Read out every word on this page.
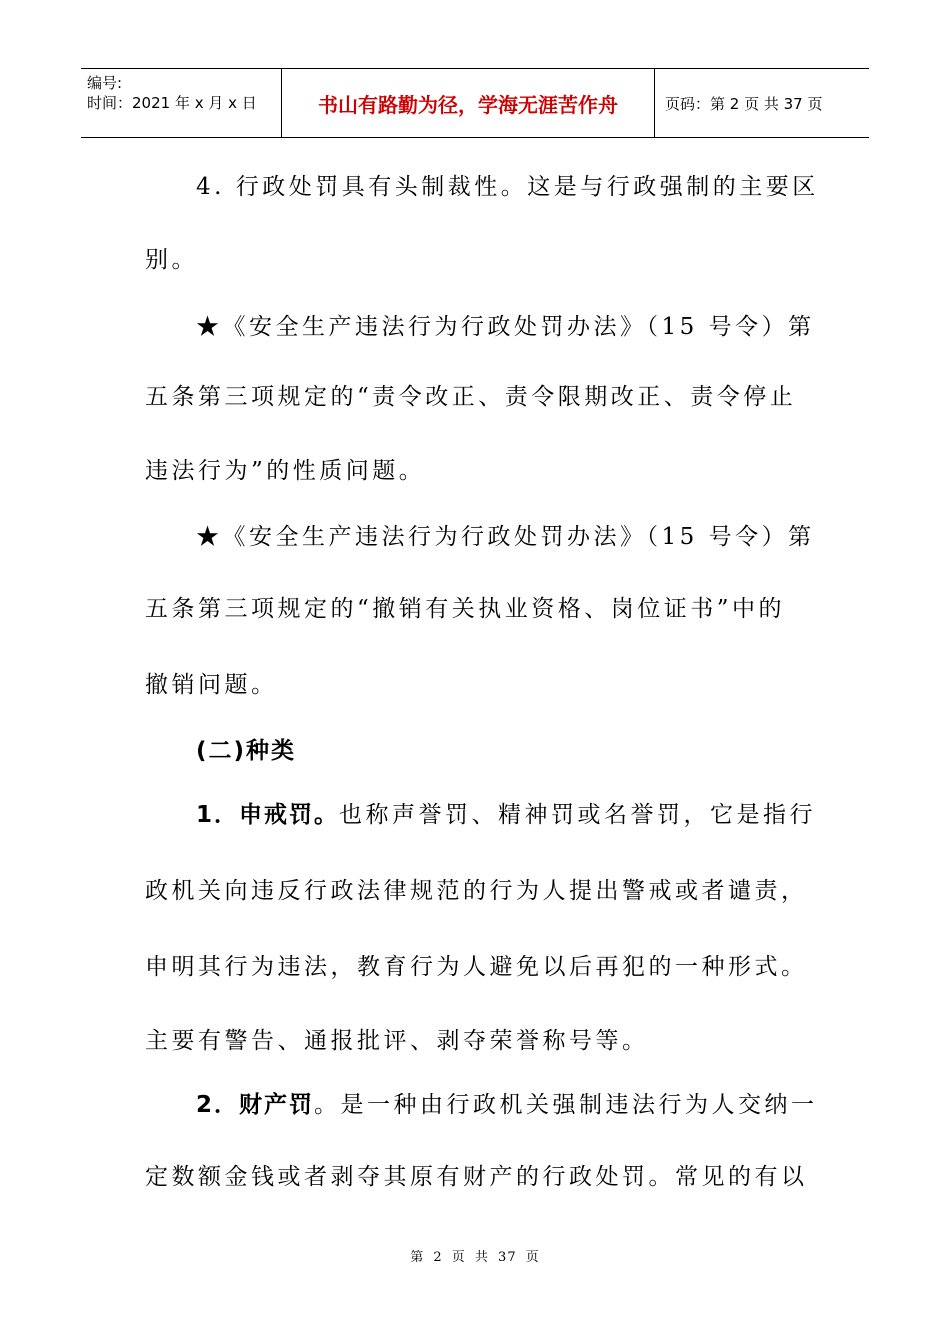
编号:
时间：2021 年 x 月 x 日	书山有路勤为径，学海无涯苦作舟	页码：第 2 页 共 37 页
4. 行政处罚具有头制裁性。这是与行政强制的主要区
别。
★《安全生产违法行为行政处罚办法》（15 号令）第
五条第三项规定的“责令改正、责令限期改正、责令停止
违法行为”的性质问题。
★《安全生产违法行为行政处罚办法》（15 号令）第
五条第三项规定的“撤销有关执业资格、岗位证书”中的
撤销问题。
(二)种类
1．申戒罚。也称声誉罚、精神罚或名誉罚，它是指行
政机关向违反行政法律规范的行为人提出警戒或者谴责，
申明其行为违法，教育行为人避免以后再犯的一种形式。
主要有警告、通报批评、剥夺荣誉称号等。
2．财产罚。是一种由行政机关强制违法行为人交纳一
定数额金钱或者剥夺其原有财产的行政处罚。常见的有以
第 2 页 共 37 页
